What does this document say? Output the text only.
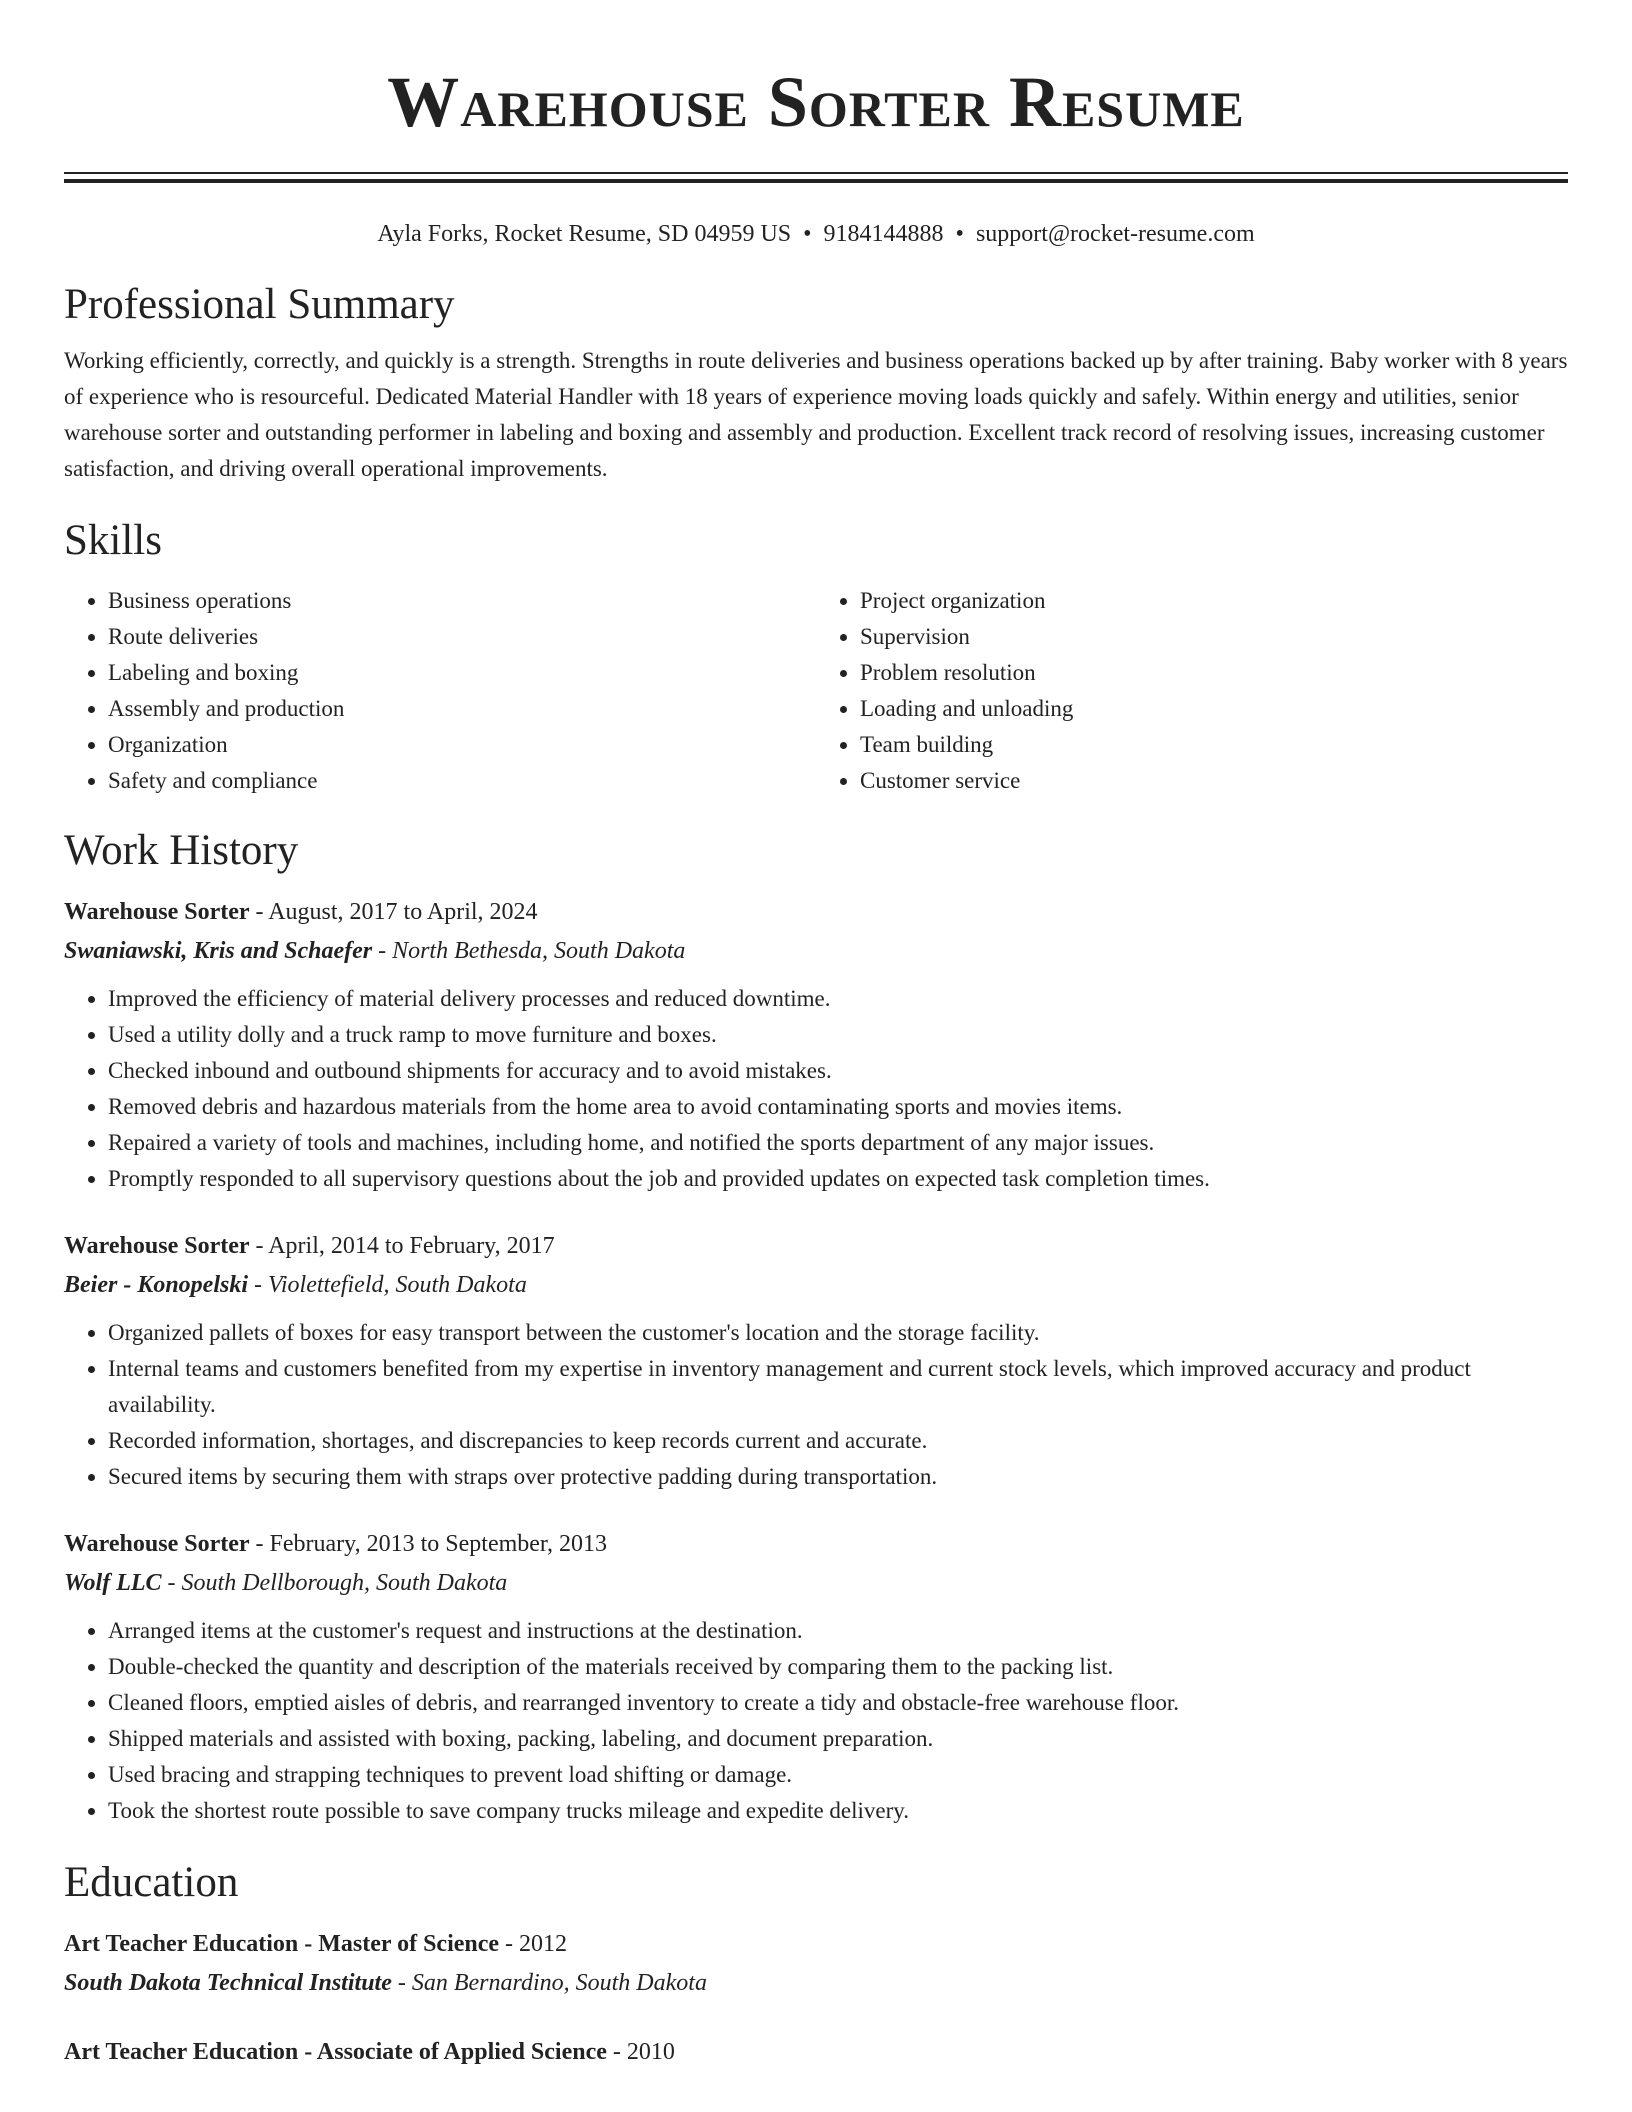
Warehouse Sorter Resume
Ayla Forks, Rocket Resume, SD 04959 US • 9184144888 • support@rocket-resume.com
Professional Summary
Working efficiently, correctly, and quickly is a strength. Strengths in route deliveries and business operations backed up by after training. Baby worker with 8 years of experience who is resourceful. Dedicated Material Handler with 18 years of experience moving loads quickly and safely. Within energy and utilities, senior warehouse sorter and outstanding performer in labeling and boxing and assembly and production. Excellent track record of resolving issues, increasing customer satisfaction, and driving overall operational improvements.
Skills
• Business operations
• Route deliveries
• Labeling and boxing
• Assembly and production
• Organization
• Safety and compliance
• Project organization
• Supervision
• Problem resolution
• Loading and unloading
• Team building
• Customer service
Work History
Warehouse Sorter - August, 2017 to April, 2024
Swaniawski, Kris and Schaefer - North Bethesda, South Dakota
• Improved the efficiency of material delivery processes and reduced downtime.
• Used a utility dolly and a truck ramp to move furniture and boxes.
• Checked inbound and outbound shipments for accuracy and to avoid mistakes.
• Removed debris and hazardous materials from the home area to avoid contaminating sports and movies items.
• Repaired a variety of tools and machines, including home, and notified the sports department of any major issues.
• Promptly responded to all supervisory questions about the job and provided updates on expected task completion times.
Warehouse Sorter - April, 2014 to February, 2017
Beier - Konopelski - Violettefield, South Dakota
• Organized pallets of boxes for easy transport between the customer's location and the storage facility.
• Internal teams and customers benefited from my expertise in inventory management and current stock levels, which improved accuracy and product availability.
• Recorded information, shortages, and discrepancies to keep records current and accurate.
• Secured items by securing them with straps over protective padding during transportation.
Warehouse Sorter - February, 2013 to September, 2013
Wolf LLC - South Dellborough, South Dakota
• Arranged items at the customer's request and instructions at the destination.
• Double-checked the quantity and description of the materials received by comparing them to the packing list.
• Cleaned floors, emptied aisles of debris, and rearranged inventory to create a tidy and obstacle-free warehouse floor.
• Shipped materials and assisted with boxing, packing, labeling, and document preparation.
• Used bracing and strapping techniques to prevent load shifting or damage.
• Took the shortest route possible to save company trucks mileage and expedite delivery.
Education
Art Teacher Education - Master of Science - 2012
South Dakota Technical Institute - San Bernardino, South Dakota
Art Teacher Education - Associate of Applied Science - 2010
